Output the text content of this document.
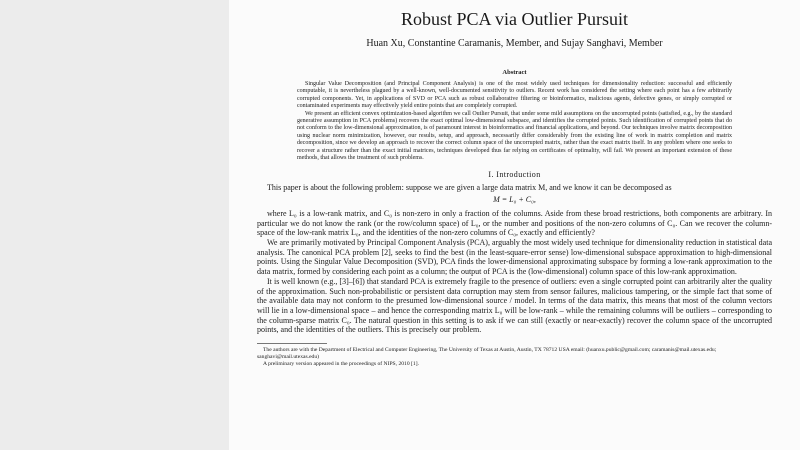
Robust PCA via Outlier Pursuit
Huan Xu, Constantine Caramanis, Member, and Sujay Sanghavi, Member
Abstract

Singular Value Decomposition (and Principal Component Analysis) is one of the most widely used techniques for dimensionality reduction: successful and efficiently computable, it is nevertheless plagued by a well-known, well-documented sensitivity to outliers. Recent work has considered the setting where each point has a few arbitrarily corrupted components. Yet, in applications of SVD or PCA such as robust collaborative filtering or bioinformatics, malicious agents, defective genes, or simply corrupted or contaminated experiments may effectively yield entire points that are completely corrupted.

We present an efficient convex optimization-based algorithm we call Outlier Pursuit, that under some mild assumptions on the uncorrupted points (satisfied, e.g., by the standard generative assumption in PCA problems) recovers the exact optimal low-dimensional subspace, and identifies the corrupted points. Such identification of corrupted points that do not conform to the low-dimensional approximation, is of paramount interest in bioinformatics and financial applications, and beyond. Our techniques involve matrix decomposition using nuclear norm minimization, however, our results, setup, and approach, necessarily differ considerably from the existing line of work in matrix completion and matrix decomposition, since we develop an approach to recover the correct column space of the uncorrupted matrix, rather than the exact matrix itself. In any problem where one seeks to recover a structure rather than the exact initial matrices, techniques developed thus far relying on certificates of optimality, will fail. We present an important extension of these methods, that allows the treatment of such problems.

I. Introduction

This paper is about the following problem: suppose we are given a large data matrix M, and we know it can be decomposed as

M = L₀ + C₀,

where L₀ is a low-rank matrix, and C₀ is non-zero in only a fraction of the columns. Aside from these broad restrictions, both components are arbitrary. In particular we do not know the rank (or the row/column space) of L₀, or the number and positions of the non-zero columns of C₀. Can we recover the column-space of the low-rank matrix L₀, and the identities of the non-zero columns of C₀, exactly and efficiently?

We are primarily motivated by Principal Component Analysis (PCA), arguably the most widely used technique for dimensionality reduction in statistical data analysis. The canonical PCA problem [2], seeks to find the best (in the least-square-error sense) low-dimensional subspace approximation to high-dimensional points. Using the Singular Value Decomposition (SVD), PCA finds the lower-dimensional approximating subspace by forming a low-rank approximation to the data matrix, formed by considering each point as a column; the output of PCA is the (low-dimensional) column space of this low-rank approximation.

It is well known (e.g., [3]–[6]) that standard PCA is extremely fragile to the presence of outliers: even a single corrupted point can arbitrarily alter the quality of the approximation. Such non-probabilistic or persistent data corruption may stem from sensor failures, malicious tampering, or the simple fact that some of the available data may not conform to the presumed low-dimensional source / model. In terms of the data matrix, this means that most of the column vectors will lie in a low-dimensional space – and hence the corresponding matrix L₀ will be low-rank – while the remaining columns will be outliers – corresponding to the column-sparse matrix C₀. The natural question in this setting is to ask if we can still (exactly or near-exactly) recover the column space of the uncorrupted points, and the identities of the outliers. This is precisely our problem.

The authors are with the Department of Electrical and Computer Engineering, The University of Texas at Austin, Austin, TX 78712 USA email: (huanxu.public@gmail.com; caramanis@mail.utexas.edu; sanghavi@mail.utexas.edu)

A preliminary version appeared in the proceedings of NIPS, 2010 [1].
